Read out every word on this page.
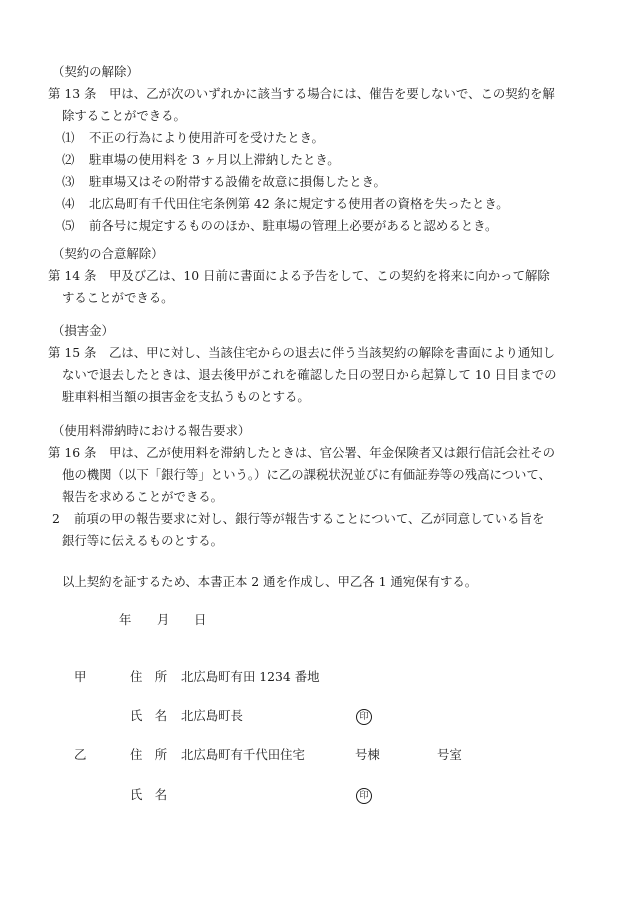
（契約の解除）
第 13 条 甲は、乙が次のいずれかに該当する場合には、催告を要しないで、この契約を解
除することができる。
⑴ 不正の行為により使用許可を受けたとき。
⑵ 駐車場の使用料を 3 ヶ月以上滞納したとき。
⑶ 駐車場又はその附帯する設備を故意に損傷したとき。
⑷ 北広島町有千代田住宅条例第 42 条に規定する使用者の資格を失ったとき。
⑸ 前各号に規定するもののほか、駐車場の管理上必要があると認めるとき。
（契約の合意解除）
第 14 条 甲及び乙は、10 日前に書面による予告をして、この契約を将来に向かって解除
することができる。
（損害金）
第 15 条 乙は、甲に対し、当該住宅からの退去に伴う当該契約の解除を書面により通知し
ないで退去したときは、退去後甲がこれを確認した日の翌日から起算して 10 日目までの
駐車料相当額の損害金を支払うものとする。
（使用料滞納時における報告要求）
第 16 条 甲は、乙が使用料を滞納したときは、官公署、年金保険者又は銀行信託会社その
他の機関（以下「銀行等」という。）に乙の課税状況並びに有価証券等の残高について、
報告を求めることができる。
2 前項の甲の報告要求に対し、銀行等が報告することについて、乙が同意している旨を
銀行等に伝えるものとする。
以上契約を証するため、本書正本 2 通を作成し、甲乙各 1 通宛保有する。
年 月 日
甲	住　所 北広島町有田 1234 番地
氏　名 北広島町長	印
乙	住　所 北広島町有千代田住宅	号棟	号室
氏　名	印
